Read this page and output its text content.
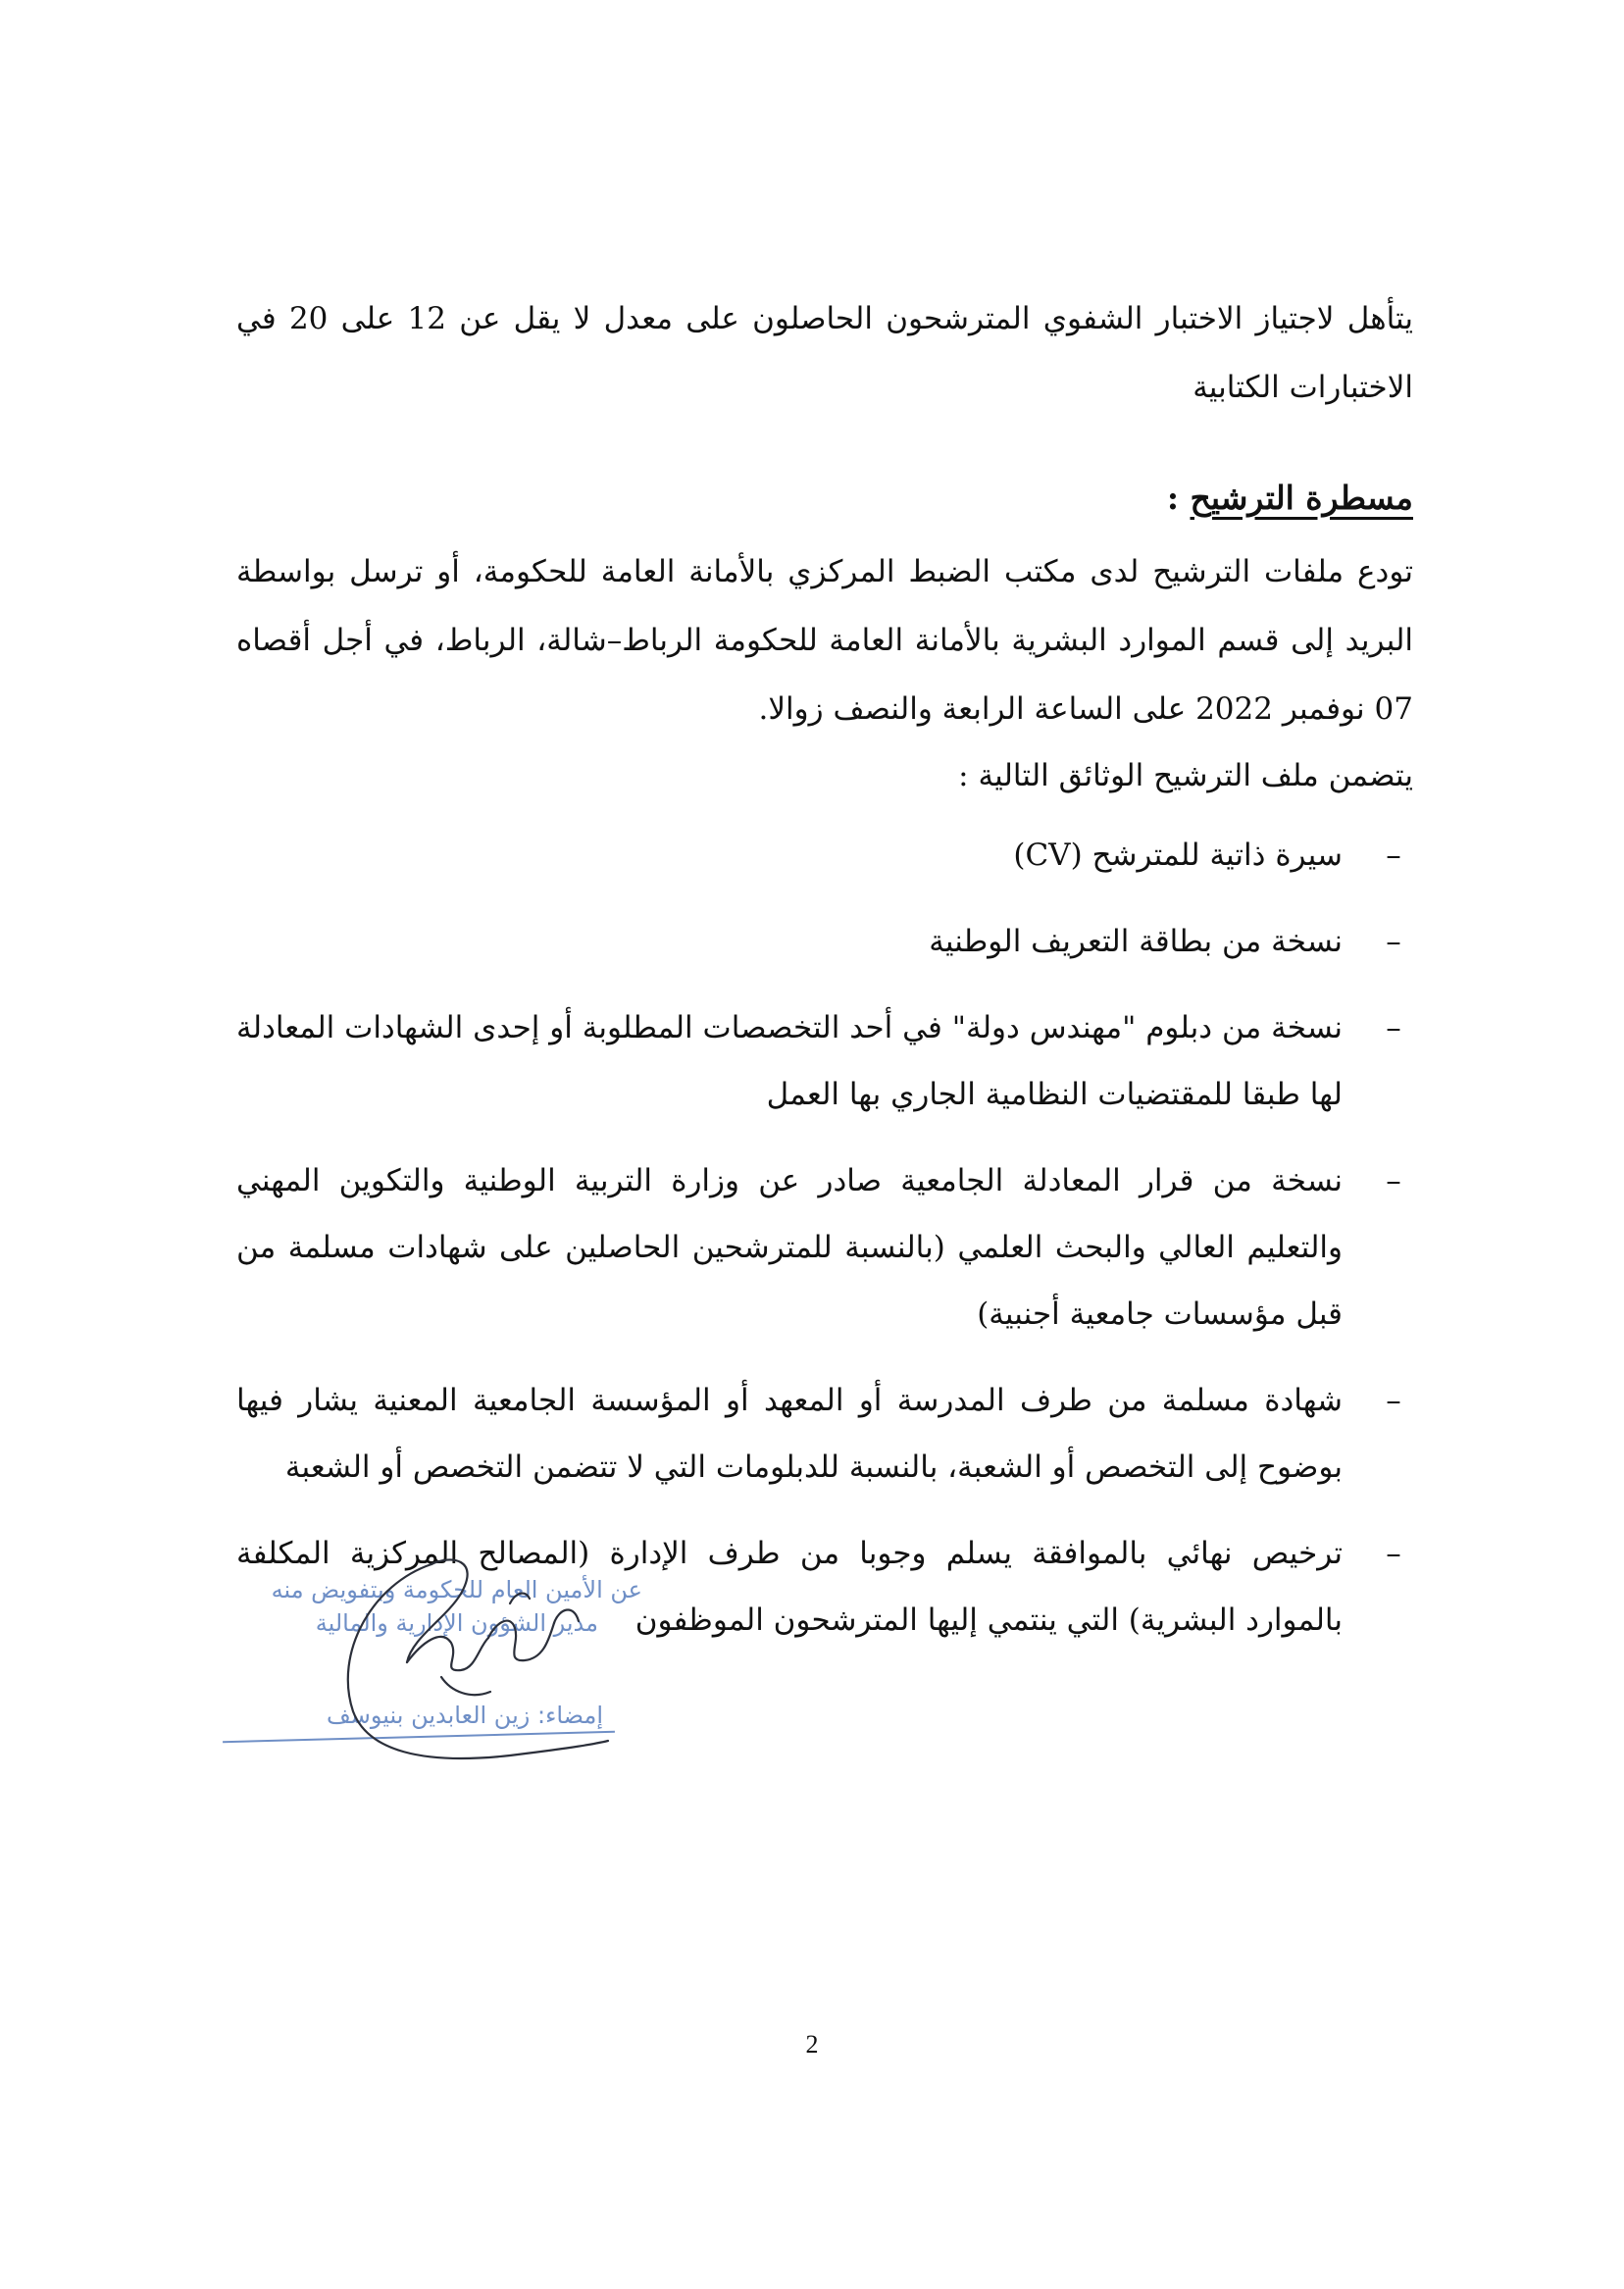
يتأهل لاجتياز الاختبار الشفوي المترشحون الحاصلون على معدل لا يقل عن 12 على 20 في الاختبارات الكتابية

مسطرة الترشيح :

تودع ملفات الترشيح لدى مكتب الضبط المركزي بالأمانة العامة للحكومة، أو ترسل بواسطة البريد إلى قسم الموارد البشرية بالأمانة العامة للحكومة الرباط–شالة، الرباط، في أجل أقصاه 07 نوفمبر 2022 على الساعة الرابعة والنصف زوالا.

يتضمن ملف الترشيح الوثائق التالية :

–
سيرة ذاتية للمترشح (CV)
–
نسخة من بطاقة التعريف الوطنية
–
نسخة من دبلوم "مهندس دولة" في أحد التخصصات المطلوبة أو إحدى الشهادات المعادلة لها طبقا للمقتضيات النظامية الجاري بها العمل
–
نسخة من قرار المعادلة الجامعية صادر عن وزارة التربية الوطنية والتكوين المهني والتعليم العالي والبحث العلمي (بالنسبة للمترشحين الحاصلين على شهادات مسلمة من قبل مؤسسات جامعية أجنبية)
–
شهادة مسلمة من طرف المدرسة أو المعهد أو المؤسسة الجامعية المعنية يشار فيها بوضوح إلى التخصص أو الشعبة، بالنسبة للدبلومات التي لا تتضمن التخصص أو الشعبة
–
ترخيص نهائي بالموافقة يسلم وجوبا من طرف الإدارة (المصالح المركزية المكلفة بالموارد البشرية) التي ينتمي إليها المترشحون الموظفون
عن الأمين العام للحكومة وبتفويض منه
مدير الشؤون الإدارية والمالية
إمضاء: زين العابدين بنيوسف
2
